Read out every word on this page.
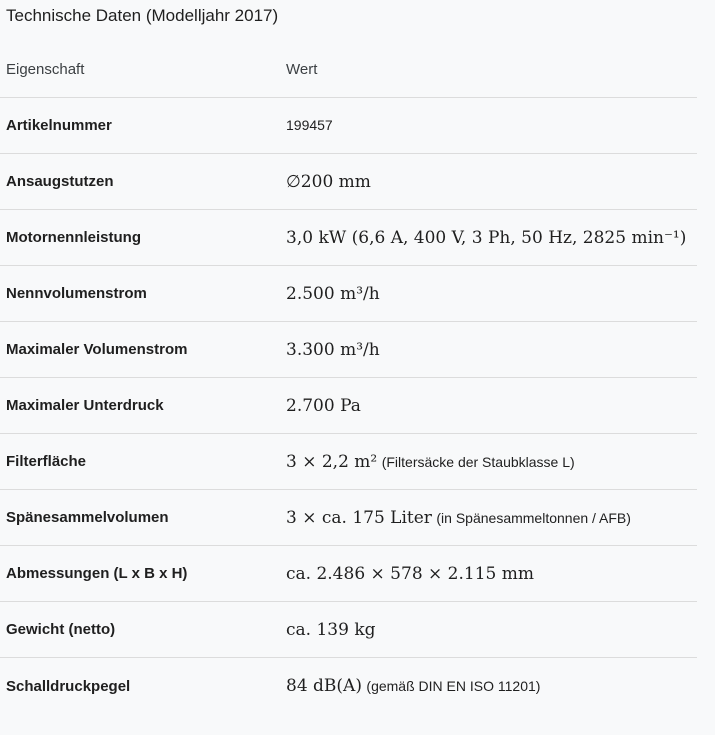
Technische Daten (Modelljahr 2017)
Eigenschaft	Wert
Artikelnummer	199457
Ansaugstutzen	∅200 mm
Motornennleistung	3,0 kW (6,6 A, 400 V, 3 Ph, 50 Hz, 2825 min⁻¹)
Nennvolumenstrom	2.500 m³/h
Maximaler Volumenstrom	3.300 m³/h
Maximaler Unterdruck	2.700 Pa
Filterfläche	3 × 2,2 m² (Filtersäcke der Staubklasse L)
Spänesammelvolumen	3 × ca. 175 Liter (in Spänesammeltonnen / AFB)
Abmessungen (L x B x H)	ca. 2.486 × 578 × 2.115 mm
Gewicht (netto)	ca. 139 kg
Schalldruckpegel	84 dB(A) (gemäß DIN EN ISO 11201)
